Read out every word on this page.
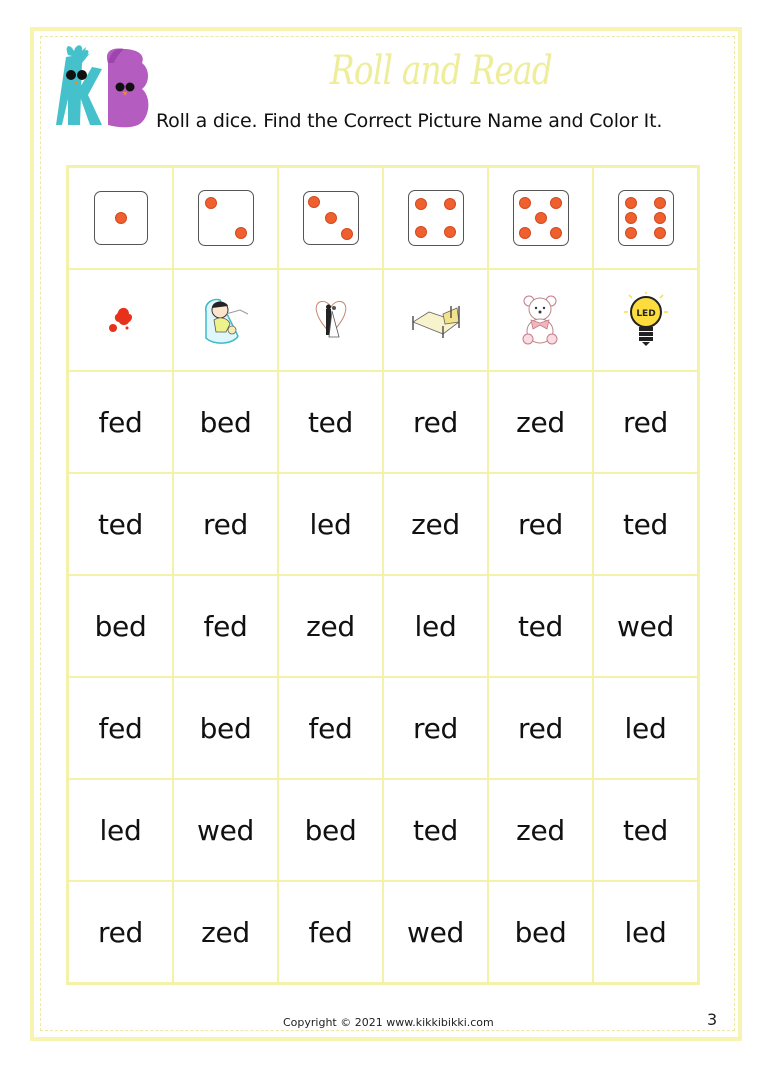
Roll and Read
Roll a dice. Find the Correct Picture Name and Color It.
LED
fed bed ted red zed red
ted red led zed red ted
bed fed zed led ted wed
fed bed fed red red led
led wed bed ted zed ted
red zed fed wed bed led
Copyright © 2021 www.kikkibikki.com	3
